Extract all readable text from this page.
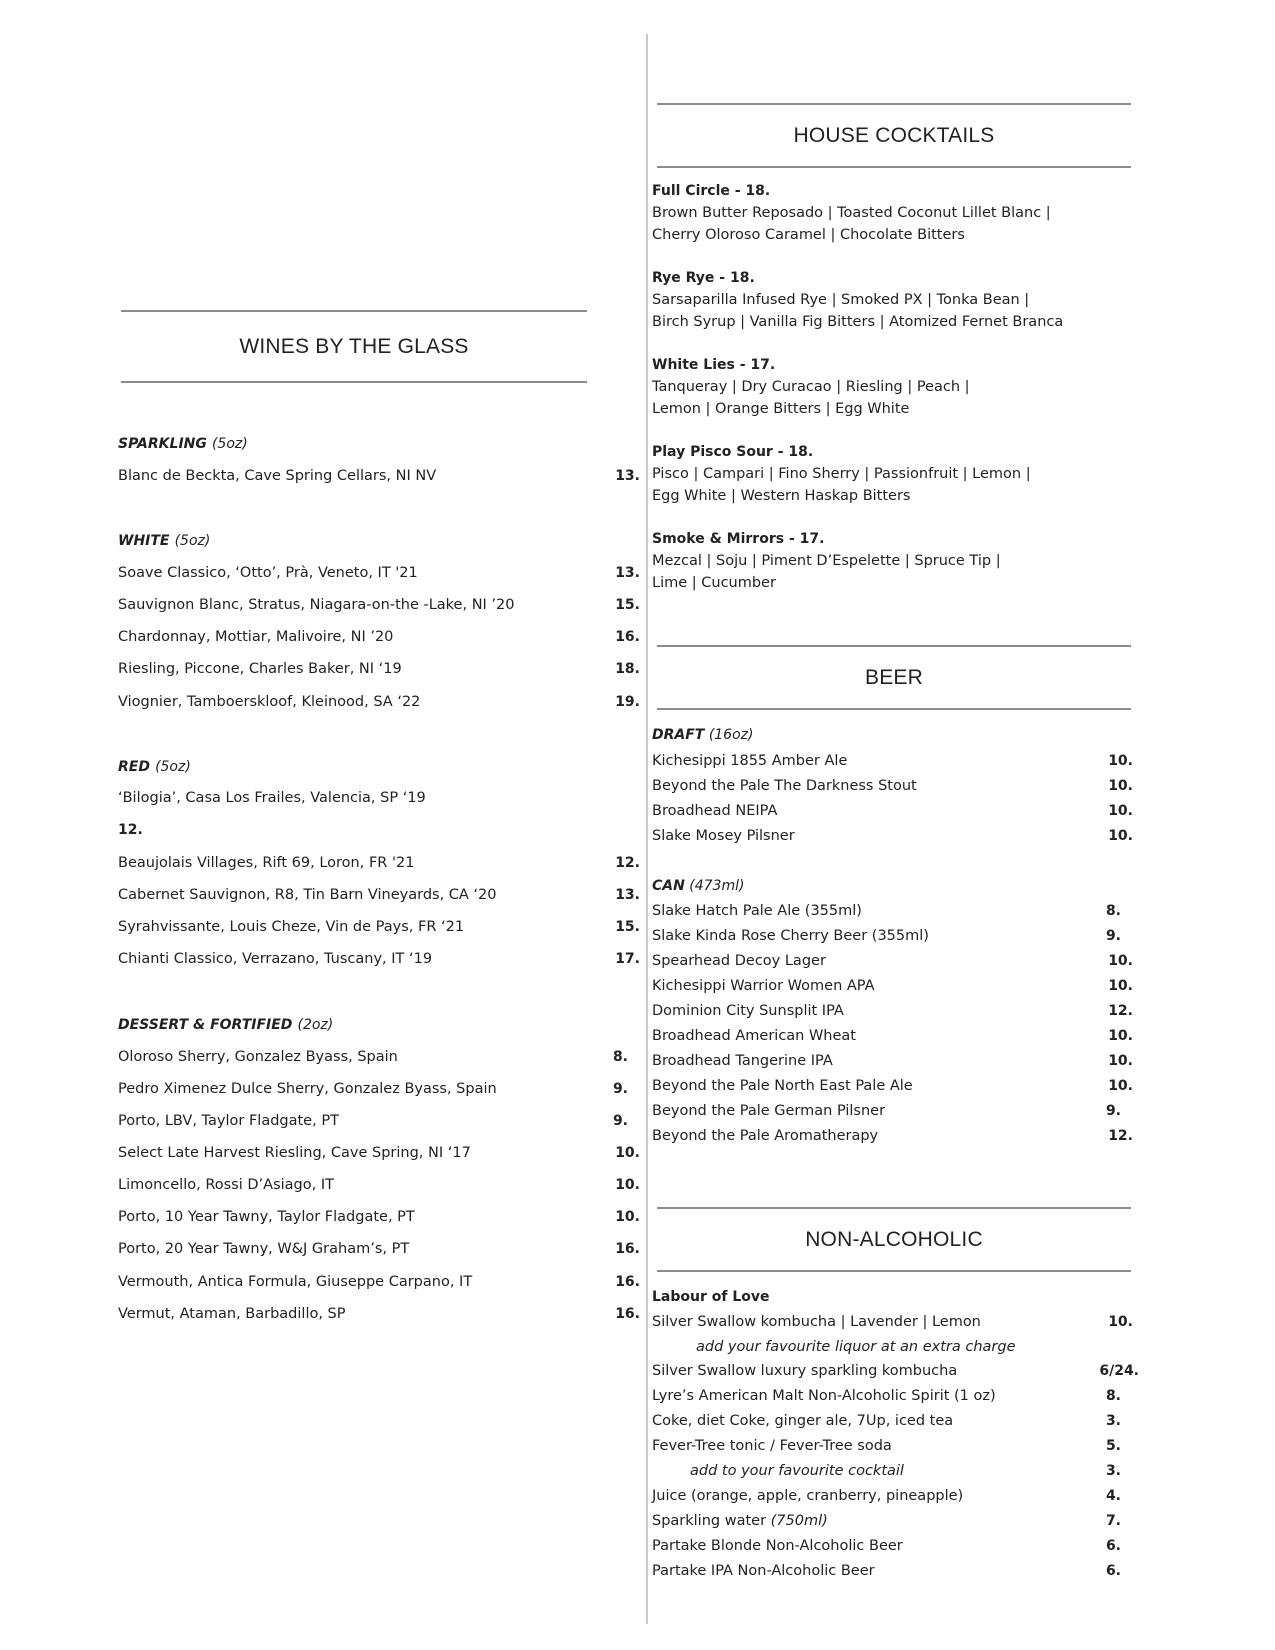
WINES BY THE GLASS
SPARKLING (5oz)
Blanc de Beckta, Cave Spring Cellars, NI NV	13.
WHITE (5oz)
Soave Classico, ‘Otto’, Prà, Veneto, IT '21	13.
Sauvignon Blanc, Stratus, Niagara-on-the -Lake, NI ’20	15.
Chardonnay, Mottiar, Malivoire, NI ’20	16.
Riesling, Piccone, Charles Baker, NI ‘19	18.
Viognier, Tamboerskloof, Kleinood, SA ‘22	19.
RED (5oz)
‘Bilogia’, Casa Los Frailes, Valencia, SP ‘19
12.
Beaujolais Villages, Rift 69, Loron, FR '21	12.
Cabernet Sauvignon, R8, Tin Barn Vineyards, CA ‘20	13.
Syrahvissante, Louis Cheze, Vin de Pays, FR ‘21	15.
Chianti Classico, Verrazano, Tuscany, IT ‘19	17.
DESSERT & FORTIFIED (2oz)
Oloroso Sherry, Gonzalez Byass, Spain	8.
Pedro Ximenez Dulce Sherry, Gonzalez Byass, Spain	9.
Porto, LBV, Taylor Fladgate, PT	9.
Select Late Harvest Riesling, Cave Spring, NI ‘17	10.
Limoncello, Rossi D’Asiago, IT	10.
Porto, 10 Year Tawny, Taylor Fladgate, PT	10.
Porto, 20 Year Tawny, W&J Graham’s, PT	16.
Vermouth, Antica Formula, Giuseppe Carpano, IT	16.
Vermut, Ataman, Barbadillo, SP	16.
HOUSE COCKTAILS
Full Circle - 18.
Brown Butter Reposado | Toasted Coconut Lillet Blanc |
Cherry Oloroso Caramel | Chocolate Bitters
Rye Rye - 18.
Sarsaparilla Infused Rye | Smoked PX | Tonka Bean |
Birch Syrup | Vanilla Fig Bitters | Atomized Fernet Branca
White Lies - 17.
Tanqueray | Dry Curacao | Riesling | Peach |
Lemon | Orange Bitters | Egg White
Play Pisco Sour - 18.
Pisco | Campari | Fino Sherry | Passionfruit | Lemon |
Egg White | Western Haskap Bitters
Smoke & Mirrors - 17.
Mezcal | Soju | Piment D’Espelette | Spruce Tip |
Lime | Cucumber
BEER
DRAFT (16oz)
Kichesippi 1855 Amber Ale	10.
Beyond the Pale The Darkness Stout	10.
Broadhead NEIPA	10.
Slake Mosey Pilsner	10.
CAN (473ml)
Slake Hatch Pale Ale (355ml)	8.
Slake Kinda Rose Cherry Beer (355ml)	9.
Spearhead Decoy Lager	10.
Kichesippi Warrior Women APA	10.
Dominion City Sunsplit IPA	12.
Broadhead American Wheat	10.
Broadhead Tangerine IPA	10.
Beyond the Pale North East Pale Ale	10.
Beyond the Pale German Pilsner	9.
Beyond the Pale Aromatherapy	12.
NON-ALCOHOLIC
Labour of Love
Silver Swallow kombucha | Lavender | Lemon	10.
add your favourite liquor at an extra charge
Silver Swallow luxury sparkling kombucha	6/24.
Lyre’s American Malt Non-Alcoholic Spirit (1 oz)	8.
Coke, diet Coke, ginger ale, 7Up, iced tea	3.
Fever-Tree tonic / Fever-Tree soda	5.
add to your favourite cocktail	3.
Juice (orange, apple, cranberry, pineapple)	4.
Sparkling water (750ml)	7.
Partake Blonde Non-Alcoholic Beer	6.
Partake IPA Non-Alcoholic Beer	6.
